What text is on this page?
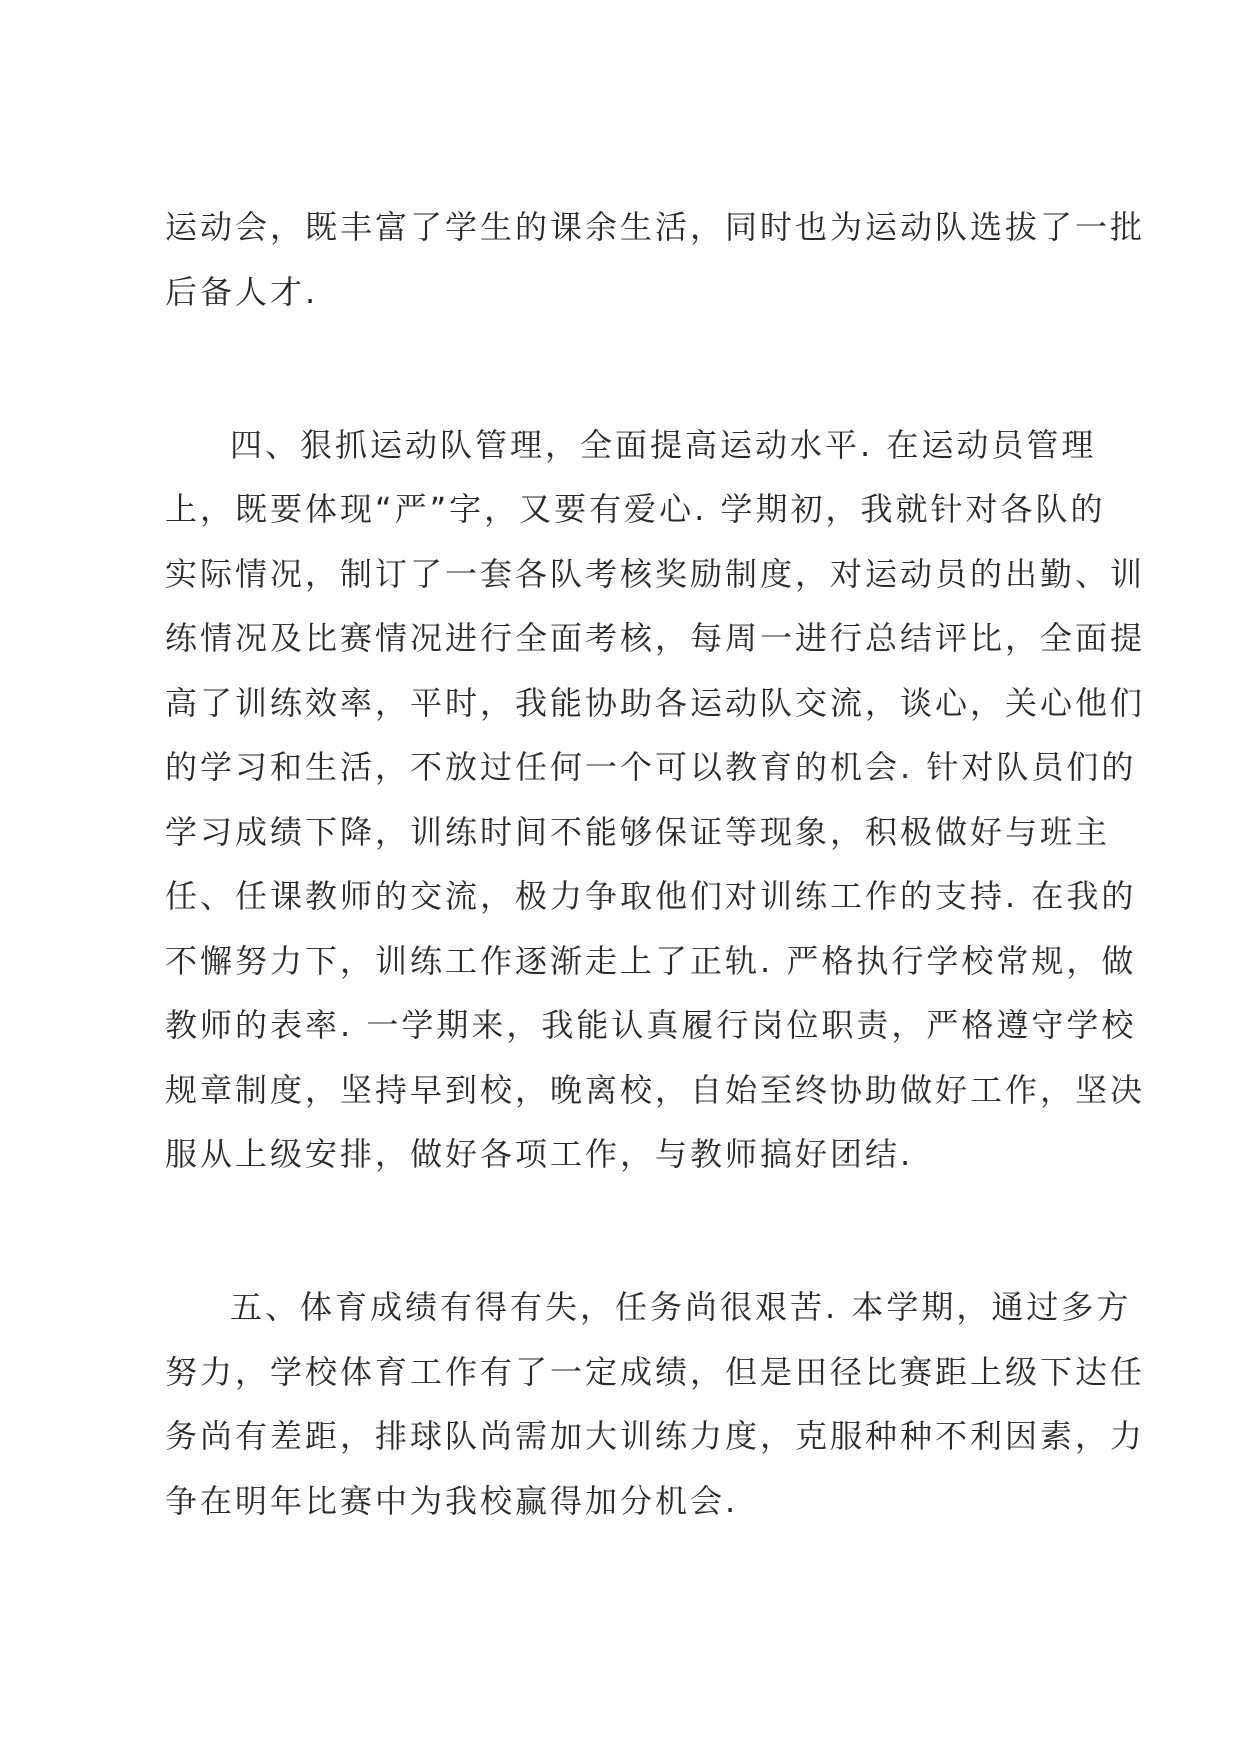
运动会，既丰富了学生的课余生活，同时也为运动队选拔了一批
后备人才.
四、狠抓运动队管理，全面提高运动水平. 在运动员管理
上，既要体现“严”字，又要有爱心. 学期初，我就针对各队的
实际情况，制订了一套各队考核奖励制度，对运动员的出勤、训
练情况及比赛情况进行全面考核，每周一进行总结评比，全面提
高了训练效率，平时，我能协助各运动队交流，谈心，关心他们
的学习和生活，不放过任何一个可以教育的机会. 针对队员们的
学习成绩下降，训练时间不能够保证等现象，积极做好与班主
任、任课教师的交流，极力争取他们对训练工作的支持. 在我的
不懈努力下，训练工作逐渐走上了正轨. 严格执行学校常规，做
教师的表率. 一学期来，我能认真履行岗位职责，严格遵守学校
规章制度，坚持早到校，晚离校，自始至终协助做好工作，坚决
服从上级安排，做好各项工作，与教师搞好团结.
五、体育成绩有得有失，任务尚很艰苦. 本学期，通过多方
努力，学校体育工作有了一定成绩，但是田径比赛距上级下达任
务尚有差距，排球队尚需加大训练力度，克服种种不利因素，力
争在明年比赛中为我校赢得加分机会.
